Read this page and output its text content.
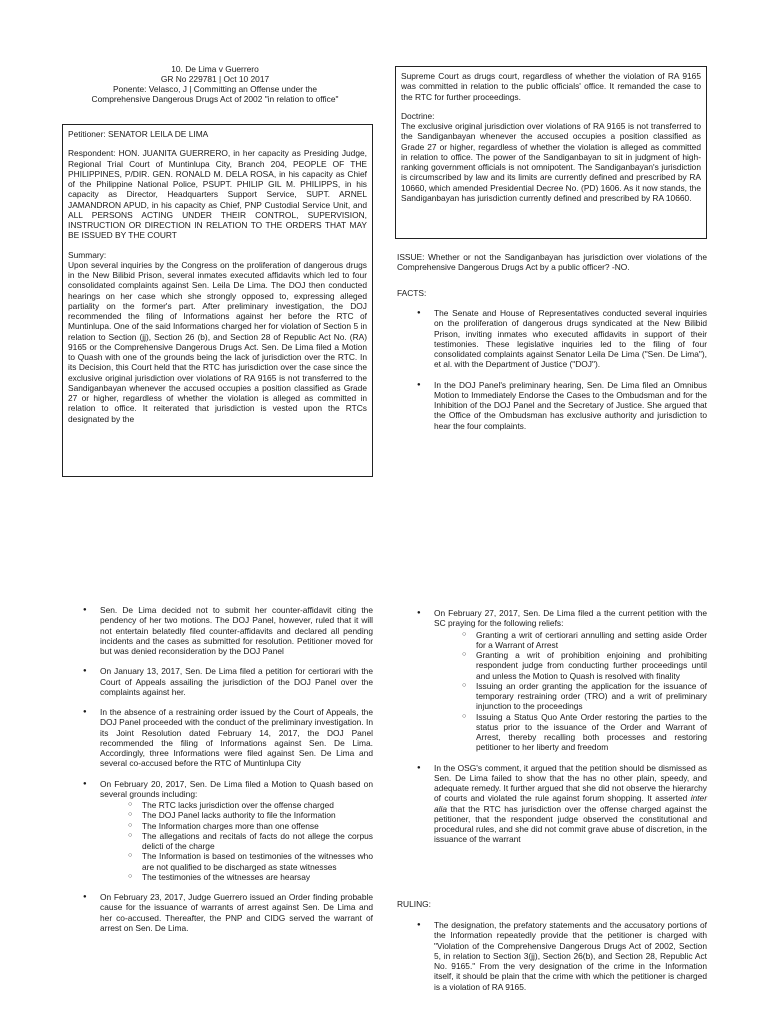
10. De Lima v Guerrero
GR No 229781 | Oct 10 2017
Ponente: Velasco, J | Committing an Offense under the
Comprehensive Dangerous Drugs Act of 2002 "in relation to office"

Petitioner: SENATOR LEILA DE LIMA

Respondent: HON. JUANITA GUERRERO, in her capacity as Presiding Judge, Regional Trial Court of Muntinlupa City, Branch 204, PEOPLE OF THE PHILIPPINES, P/DIR. GEN. RONALD M. DELA ROSA, in his capacity as Chief of the Philippine National Police, PSUPT. PHILIP GIL M. PHILIPPS, in his capacity as Director, Headquarters Support Service, SUPT. ARNEL JAMANDRON APUD, in his capacity as Chief, PNP Custodial Service Unit, and ALL PERSONS ACTING UNDER THEIR CONTROL, SUPERVISION, INSTRUCTION OR DIRECTION IN RELATION TO THE ORDERS THAT MAY BE ISSUED BY THE COURT

Summary:

Upon several inquiries by the Congress on the proliferation of dangerous drugs in the New Bilibid Prison, several inmates executed affidavits which led to four consolidated complaints against Sen. Leila De Lima. The DOJ then conducted hearings on her case which she strongly opposed to, expressing alleged partiality on the former's part. After preliminary investigation, the DOJ recommended the filing of Informations against her before the RTC of Muntinlupa. One of the said Informations charged her for violation of Section 5 in relation to Section (jj), Section 26 (b), and Section 28 of Republic Act No. (RA) 9165 or the Comprehensive Dangerous Drugs Act. Sen. De Lima filed a Motion to Quash with one of the grounds being the lack of jurisdiction over the RTC. In its Decision, this Court held that the RTC has jurisdiction over the case since the exclusive original jurisdiction over violations of RA 9165 is not transferred to the Sandiganbayan whenever the accused occupies a position classified as Grade 27 or higher, regardless of whether the violation is alleged as committed in relation to office. It reiterated that jurisdiction is vested upon the RTCs designated by the

Supreme Court as drugs court, regardless of whether the violation of RA 9165 was committed in relation to the public officials' office. It remanded the case to the RTC for further proceedings.

Doctrine:

The exclusive original jurisdiction over violations of RA 9165 is not transferred to the Sandiganbayan whenever the accused occupies a position classified as Grade 27 or higher, regardless of whether the violation is alleged as committed in relation to office. The power of the Sandiganbayan to sit in judgment of high-ranking government officials is not omnipotent. The Sandiganbayan's jurisdiction is circumscribed by law and its limits are currently defined and prescribed by RA 10660, which amended Presidential Decree No. (PD) 1606. As it now stands, the Sandiganbayan has jurisdiction currently defined and prescribed by RA 10660.

ISSUE: Whether or not the Sandiganbayan has jurisdiction over violations of the Comprehensive Dangerous Drugs Act by a public officer? -NO.

FACTS:

● The Senate and House of Representatives conducted several inquiries on the proliferation of dangerous drugs syndicated at the New Bilibid Prison, inviting inmates who executed affidavits in support of their testimonies. These legislative inquiries led to the filing of four consolidated complaints against Senator Leila De Lima ("Sen. De Lima"), et al. with the Department of Justice ("DOJ").
● In the DOJ Panel's preliminary hearing, Sen. De Lima filed an Omnibus Motion to Immediately Endorse the Cases to the Ombudsman and for the Inhibition of the DOJ Panel and the Secretary of Justice. She argued that the Office of the Ombudsman has exclusive authority and jurisdiction to hear the four complaints.
● Sen. De Lima decided not to submit her counter-affidavit citing the pendency of her two motions. The DOJ Panel, however, ruled that it will not entertain belatedly filed counter-affidavits and declared all pending incidents and the cases as submitted for resolution. Petitioner moved for but was denied reconsideration by the DOJ Panel
● On January 13, 2017, Sen. De Lima filed a petition for certiorari with the Court of Appeals assailing the jurisdiction of the DOJ Panel over the complaints against her.
● In the absence of a restraining order issued by the Court of Appeals, the DOJ Panel proceeded with the conduct of the preliminary investigation. In its Joint Resolution dated February 14, 2017, the DOJ Panel recommended the filing of Informations against Sen. De Lima. Accordingly, three Informations were filed against Sen. De Lima and several co-accused before the RTC of Muntinlupa City
● On February 20, 2017, Sen. De Lima filed a Motion to Quash based on several grounds including:
○ The RTC lacks jurisdiction over the offense charged
○ The DOJ Panel lacks authority to file the Information
○ The Information charges more than one offense
○ The allegations and recitals of facts do not allege the corpus delicti of the charge
○ The Information is based on testimonies of the witnesses who are not qualified to be discharged as state witnesses
○ The testimonies of the witnesses are hearsay
● On February 23, 2017, Judge Guerrero issued an Order finding probable cause for the issuance of warrants of arrest against Sen. De Lima and her co-accused. Thereafter, the PNP and CIDG served the warrant of arrest on Sen. De Lima.
● On February 27, 2017, Sen. De Lima filed a the current petition with the SC praying for the following reliefs:
○ Granting a writ of certiorari annulling and setting aside Order for a Warrant of Arrest
○ Granting a writ of prohibition enjoining and prohibiting respondent judge from conducting further proceedings until and unless the Motion to Quash is resolved with finality
○ Issuing an order granting the application for the issuance of temporary restraining order (TRO) and a writ of preliminary injunction to the proceedings
○ Issuing a Status Quo Ante Order restoring the parties to the status prior to the issuance of the Order and Warrant of Arrest, thereby recalling both processes and restoring petitioner to her liberty and freedom
● In the OSG's comment, it argued that the petition should be dismissed as Sen. De Lima failed to show that the has no other plain, speedy, and adequate remedy. It further argued that she did not observe the hierarchy of courts and violated the rule against forum shopping. It asserted inter alia that the RTC has jurisdiction over the offense charged against the petitioner, that the respondent judge observed the constitutional and procedural rules, and she did not commit grave abuse of discretion, in the issuance of the warrant

RULING:

● The designation, the prefatory statements and the accusatory portions of the Information repeatedly provide that the petitioner is charged with "Violation of the Comprehensive Dangerous Drugs Act of 2002, Section 5, in relation to Section 3(jj), Section 26(b), and Section 28, Republic Act No. 9165." From the very designation of the crime in the Information itself, it should be plain that the crime with which the petitioner is charged is a violation of RA 9165.
